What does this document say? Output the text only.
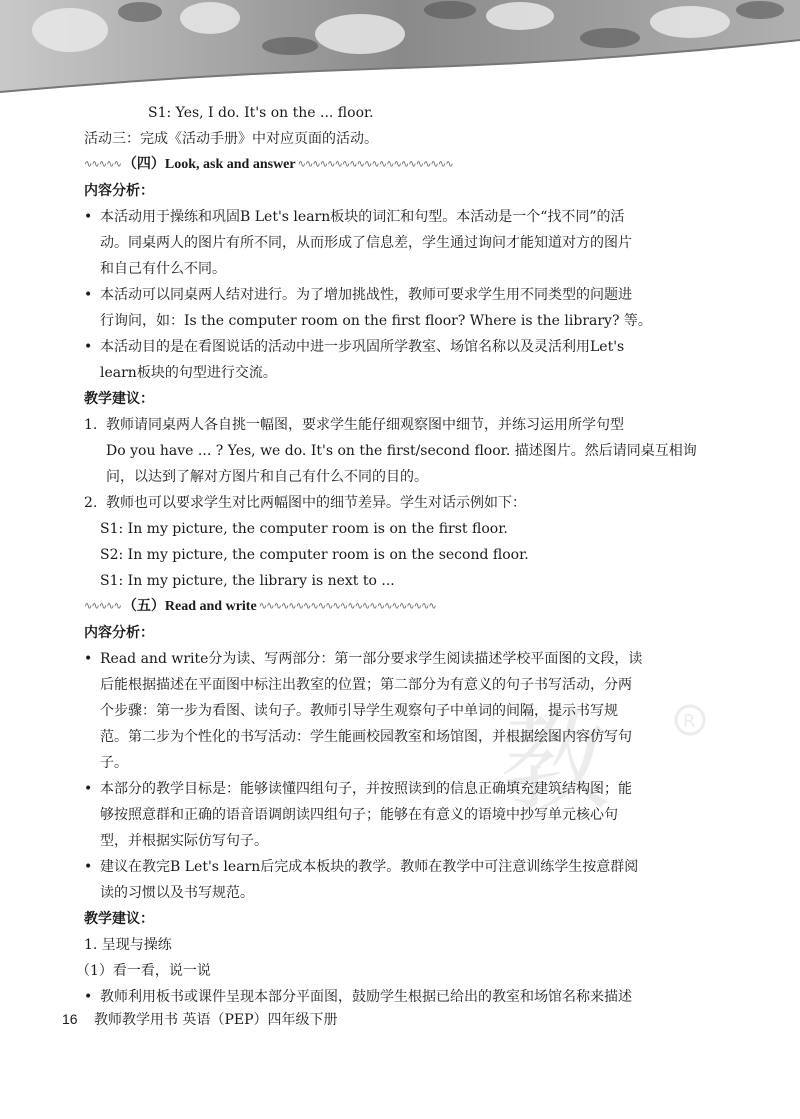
教	R
S1: Yes, I do. It's on the ... floor.
活动三：完成《活动手册》中对应页面的活动。
∿∿∿∿∿ （四）Look, ask and answer ∿∿∿∿∿∿∿∿∿∿∿∿∿∿∿∿∿∿∿∿∿
内容分析：
• 本活动用于操练和巩固B Let's learn板块的词汇和句型。本活动是一个“找不同”的活
动。同桌两人的图片有所不同，从而形成了信息差，学生通过询问才能知道对方的图片
和自己有什么不同。
• 本活动可以同桌两人结对进行。为了增加挑战性，教师可要求学生用不同类型的问题进
行询问，如：Is the computer room on the first floor? Where is the library? 等。
• 本活动目的是在看图说话的活动中进一步巩固所学教室、场馆名称以及灵活利用Let's
learn板块的句型进行交流。
教学建议：
1. 教师请同桌两人各自挑一幅图，要求学生能仔细观察图中细节，并练习运用所学句型
Do you have ... ? Yes, we do. It's on the first/second floor. 描述图片。然后请同桌互相询
问，以达到了解对方图片和自己有什么不同的目的。
2. 教师也可以要求学生对比两幅图中的细节差异。学生对话示例如下：
S1: In my picture, the computer room is on the first floor.
S2: In my picture, the computer room is on the second floor.
S1: In my picture, the library is next to ...
∿∿∿∿∿ （五）Read and write ∿∿∿∿∿∿∿∿∿∿∿∿∿∿∿∿∿∿∿∿∿∿∿∿
内容分析：
• Read and write分为读、写两部分：第一部分要求学生阅读描述学校平面图的文段，读
后能根据描述在平面图中标注出教室的位置；第二部分为有意义的句子书写活动，分两
个步骤：第一步为看图、读句子。教师引导学生观察句子中单词的间隔，提示书写规
范。第二步为个性化的书写活动：学生能画校园教室和场馆图，并根据绘图内容仿写句
子。
• 本部分的教学目标是：能够读懂四组句子，并按照读到的信息正确填充建筑结构图；能
够按照意群和正确的语音语调朗读四组句子；能够在有意义的语境中抄写单元核心句
型，并根据实际仿写句子。
• 建议在教完B Let's learn后完成本板块的教学。教师在教学中可注意训练学生按意群阅
读的习惯以及书写规范。
教学建议：
1. 呈现与操练
（1）看一看，说一说
• 教师利用板书或课件呈现本部分平面图，鼓励学生根据已给出的教室和场馆名称来描述
16 教师教学用书 英语（PEP）四年级下册
